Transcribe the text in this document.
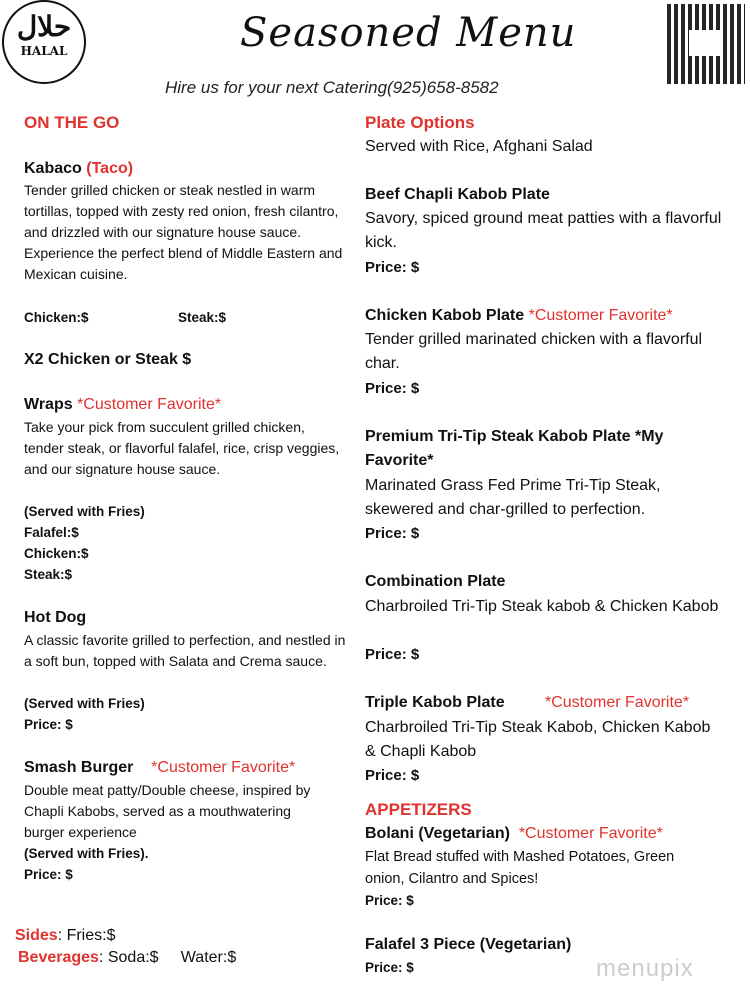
حلال
HALAL	Seasoned Menu
Hire us for your next Catering(925)658-8582
ON THE GO
Kabaco (Taco)
Tender grilled chicken or steak nestled in warm tortillas, topped with zesty red onion, fresh cilantro, and drizzled with our signature house sauce. Experience the perfect blend of Middle Eastern and Mexican cuisine.
Chicken:$	Steak:$
X2 Chicken or Steak $
Wraps *Customer Favorite*
Take your pick from succulent grilled chicken, tender steak, or flavorful falafel, rice, crisp veggies, and our signature house sauce.
(Served with Fries)
Falafel:$
Chicken:$
Steak:$
Hot Dog
A classic favorite grilled to perfection, and nestled in a soft bun, topped with Salata and Crema sauce.
(Served with Fries)
Price: $
Smash Burger *Customer Favorite*
Double meat patty/Double cheese, inspired by Chapli Kabobs, served as a mouthwatering burger experience
(Served with Fries).
Price: $
Sides: Fries:$
Beverages: Soda:$ Water:$
Plate Options
Served with Rice, Afghani Salad
Beef Chapli Kabob Plate
Savory, spiced ground meat patties with a flavorful kick.
Price: $
Chicken Kabob Plate *Customer Favorite*
Tender grilled marinated chicken with a flavorful char.
Price: $
Premium Tri-Tip Steak Kabob Plate *My Favorite*
Marinated Grass Fed Prime Tri-Tip Steak, skewered and char-grilled to perfection.
Price: $
Combination Plate
Charbroiled Tri-Tip Steak kabob & Chicken Kabob
Price: $
Triple Kabob Plate	*Customer Favorite*
Charbroiled Tri-Tip Steak Kabob, Chicken Kabob & Chapli Kabob
Price: $
APPETIZERS
Bolani (Vegetarian) *Customer Favorite*
Flat Bread stuffed with Mashed Potatoes, Green onion, Cilantro and Spices!
Price: $
Falafel 3 Piece (Vegetarian)
Price: $	menupix
